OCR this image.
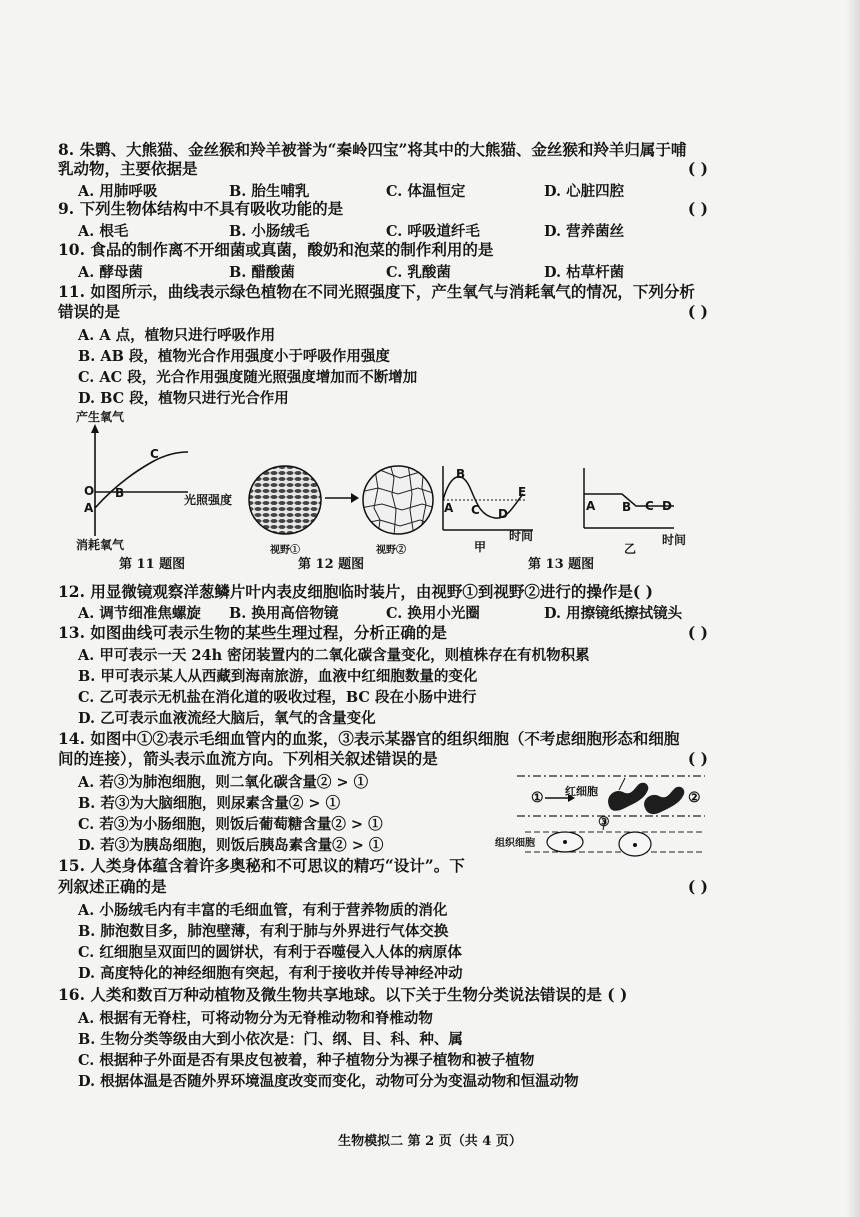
8. 朱鹮、大熊猫、金丝猴和羚羊被誉为“秦岭四宝”将其中的大熊猫、金丝猴和羚羊归属于哺
乳动物，主要依据是	( )
A. 用肺呼吸	B. 胎生哺乳	C. 体温恒定	D. 心脏四腔
9. 下列生物体结构中不具有吸收功能的是	( )
A. 根毛	B. 小肠绒毛	C. 呼吸道纤毛	D. 营养菌丝
10. 食品的制作离不开细菌或真菌，酸奶和泡菜的制作利用的是
A. 酵母菌	B. 醋酸菌	C. 乳酸菌	D. 枯草杆菌
11. 如图所示，曲线表示绿色植物在不同光照强度下，产生氧气与消耗氧气的情况，下列分析
错误的是	( )
A. A 点，植物只进行呼吸作用
B. AB 段，植物光合作用强度小于呼吸作用强度
C. AC 段，光合作用强度随光照强度增加而不断增加
D. BC 段，植物只进行光合作用
产生氧气
O
A
B
C
光照强度
消耗氧气
第 11 题图
视野①	视野②
第 12 题图
B
A C D
E
时间
甲
A B C D
时间
乙
第 13 题图
12. 用显微镜观察洋葱鳞片叶内表皮细胞临时装片，由视野①到视野②进行的操作是( )
A. 调节细准焦螺旋 B. 换用高倍物镜	C. 换用小光圈	D. 用擦镜纸擦拭镜头
13. 如图曲线可表示生物的某些生理过程，分析正确的是	( )
A. 甲可表示一天 24h 密闭装置内的二氧化碳含量变化，则植株存在有机物积累
B. 甲可表示某人从西藏到海南旅游，血液中红细胞数量的变化
C. 乙可表示无机盐在消化道的吸收过程，BC 段在小肠中进行
D. 乙可表示血液流经大脑后，氧气的含量变化
14. 如图中①②表示毛细血管内的血浆，③表示某器官的组织细胞（不考虑细胞形态和细胞
间的连接），箭头表示血流方向。下列相关叙述错误的是	( )
A. 若③为肺泡细胞，则二氧化碳含量② > ①
B. 若③为大脑细胞，则尿素含量② > ①
C. 若③为小肠细胞，则饭后葡萄糖含量② > ①
D. 若③为胰岛细胞，则饭后胰岛素含量② > ①
红细胞
①	②
③
组织细胞
15. 人类身体蕴含着许多奥秘和不可思议的精巧“设计”。下
列叙述正确的是	( )
A. 小肠绒毛内有丰富的毛细血管，有利于营养物质的消化
B. 肺泡数目多，肺泡壁薄，有利于肺与外界进行气体交换
C. 红细胞呈双面凹的圆饼状，有利于吞噬侵入人体的病原体
D. 高度特化的神经细胞有突起，有利于接收并传导神经冲动
16. 人类和数百万种动植物及微生物共享地球。以下关于生物分类说法错误的是 ( )
A. 根据有无脊柱，可将动物分为无脊椎动物和脊椎动物
B. 生物分类等级由大到小依次是：门、纲、目、科、种、属
C. 根据种子外面是否有果皮包被着，种子植物分为裸子植物和被子植物
D. 根据体温是否随外界环境温度改变而变化，动物可分为变温动物和恒温动物
生物模拟二 第 2 页（共 4 页）
